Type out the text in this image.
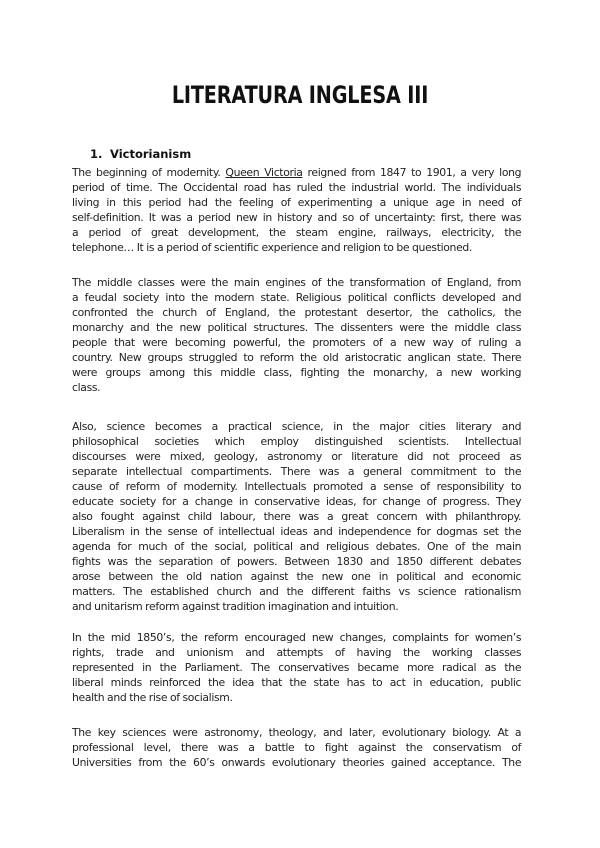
LITERATURA INGLESA III
1. Victorianism
The beginning of modernity. Queen Victoria reigned from 1847 to 1901, a very long
period of time. The Occidental road has ruled the industrial world. The individuals
living in this period had the feeling of experimenting a unique age in need of
self-definition. It was a period new in history and so of uncertainty: first, there was
a period of great development, the steam engine, railways, electricity, the
telephone… It is a period of scientific experience and religion to be questioned.
The middle classes were the main engines of the transformation of England, from
a feudal society into the modern state. Religious political conflicts developed and
confronted the church of England, the protestant desertor, the catholics, the
monarchy and the new political structures. The dissenters were the middle class
people that were becoming powerful, the promoters of a new way of ruling a
country. New groups struggled to reform the old aristocratic anglican state. There
were groups among this middle class, fighting the monarchy, a new working
class.
Also, science becomes a practical science, in the major cities literary and
philosophical societies which employ distinguished scientists. Intellectual
discourses were mixed, geology, astronomy or literature did not proceed as
separate intellectual compartiments. There was a general commitment to the
cause of reform of modernity. Intellectuals promoted a sense of responsibility to
educate society for a change in conservative ideas, for change of progress. They
also fought against child labour, there was a great concern with philanthropy.
Liberalism in the sense of intellectual ideas and independence for dogmas set the
agenda for much of the social, political and religious debates. One of the main
fights was the separation of powers. Between 1830 and 1850 different debates
arose between the old nation against the new one in political and economic
matters. The established church and the different faiths vs science rationalism
and unitarism reform against tradition imagination and intuition.
In the mid 1850’s, the reform encouraged new changes, complaints for women’s
rights, trade and unionism and attempts of having the working classes
represented in the Parliament. The conservatives became more radical as the
liberal minds reinforced the idea that the state has to act in education, public
health and the rise of socialism.
The key sciences were astronomy, theology, and later, evolutionary biology. At a
professional level, there was a battle to fight against the conservatism of
Universities from the 60’s onwards evolutionary theories gained acceptance. The
